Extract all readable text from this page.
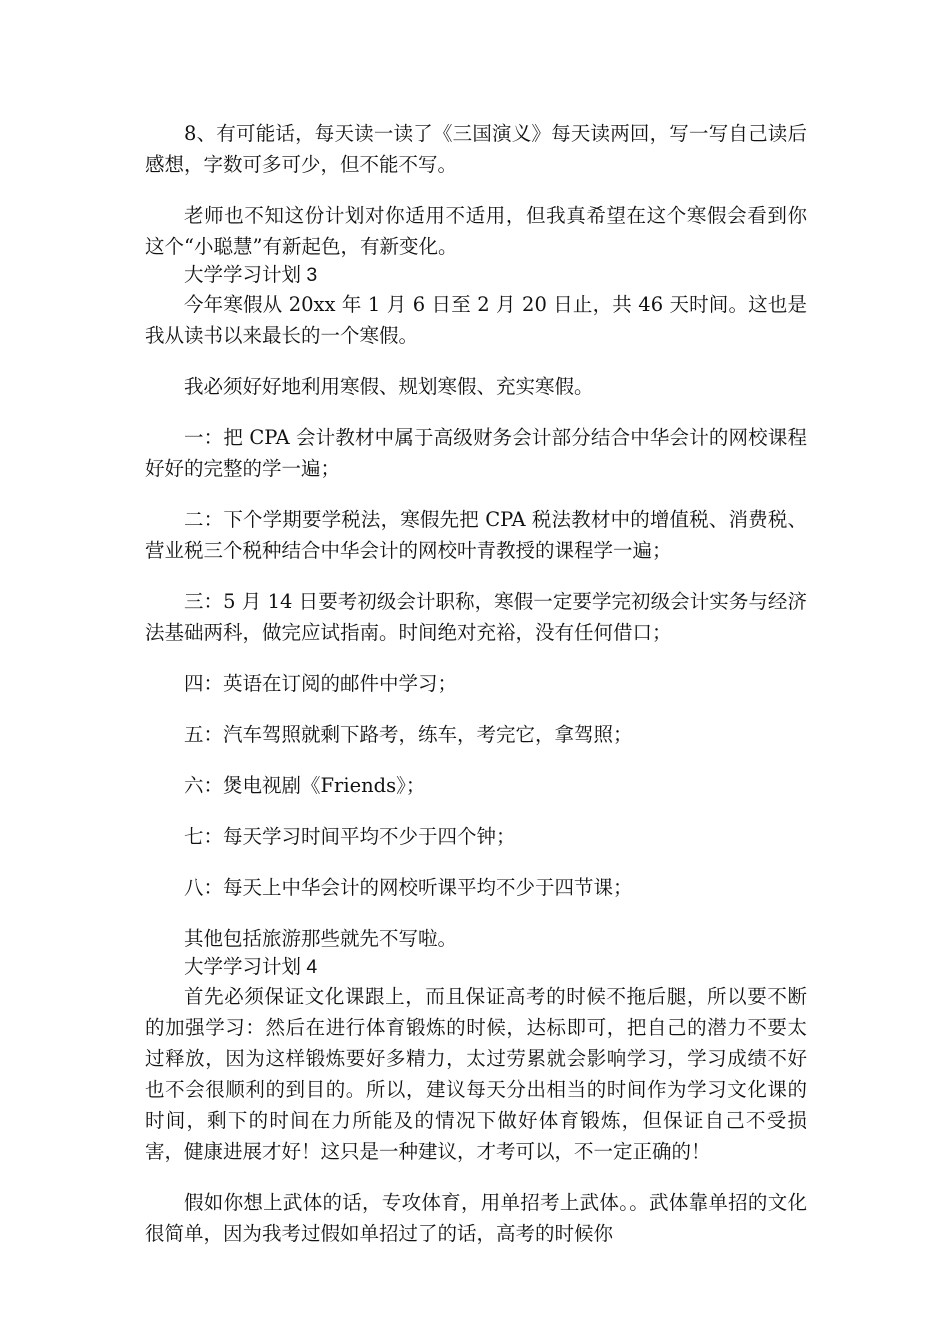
8、有可能话，每天读一读了《三国演义》每天读两回，写一写自己读后感想，字数可多可少，但不能不写。

老师也不知这份计划对你适用不适用，但我真希望在这个寒假会看到你这个“小聪慧”有新起色，有新变化。

大学学习计划 3

今年寒假从 20xx 年 1 月 6 日至 2 月 20 日止，共 46 天时间。这也是我从读书以来最长的一个寒假。

我必须好好地利用寒假、规划寒假、充实寒假。

一：把 CPA 会计教材中属于高级财务会计部分结合中华会计的网校课程好好的完整的学一遍；

二：下个学期要学税法，寒假先把 CPA 税法教材中的增值税、消费税、营业税三个税种结合中华会计的网校叶青教授的课程学一遍；

三：5 月 14 日要考初级会计职称，寒假一定要学完初级会计实务与经济法基础两科，做完应试指南。时间绝对充裕，没有任何借口；

四：英语在订阅的邮件中学习；

五：汽车驾照就剩下路考，练车，考完它，拿驾照；

六：煲电视剧《Friends》；

七：每天学习时间平均不少于四个钟；

八：每天上中华会计的网校听课平均不少于四节课；

其他包括旅游那些就先不写啦。

大学学习计划 4

首先必须保证文化课跟上，而且保证高考的时候不拖后腿，所以要不断的加强学习：然后在进行体育锻炼的时候，达标即可，把自己的潜力不要太过释放，因为这样锻炼要好多精力，太过劳累就会影响学习，学习成绩不好也不会很顺利的到目的。所以，建议每天分出相当的时间作为学习文化课的时间，剩下的时间在力所能及的情况下做好体育锻炼，但保证自己不受损害，健康进展才好！这只是一种建议，才考可以，不一定正确的！

假如你想上武体的话，专攻体育，用单招考上武体。。武体靠单招的文化很简单，因为我考过假如单招过了的话，高考的时候你
